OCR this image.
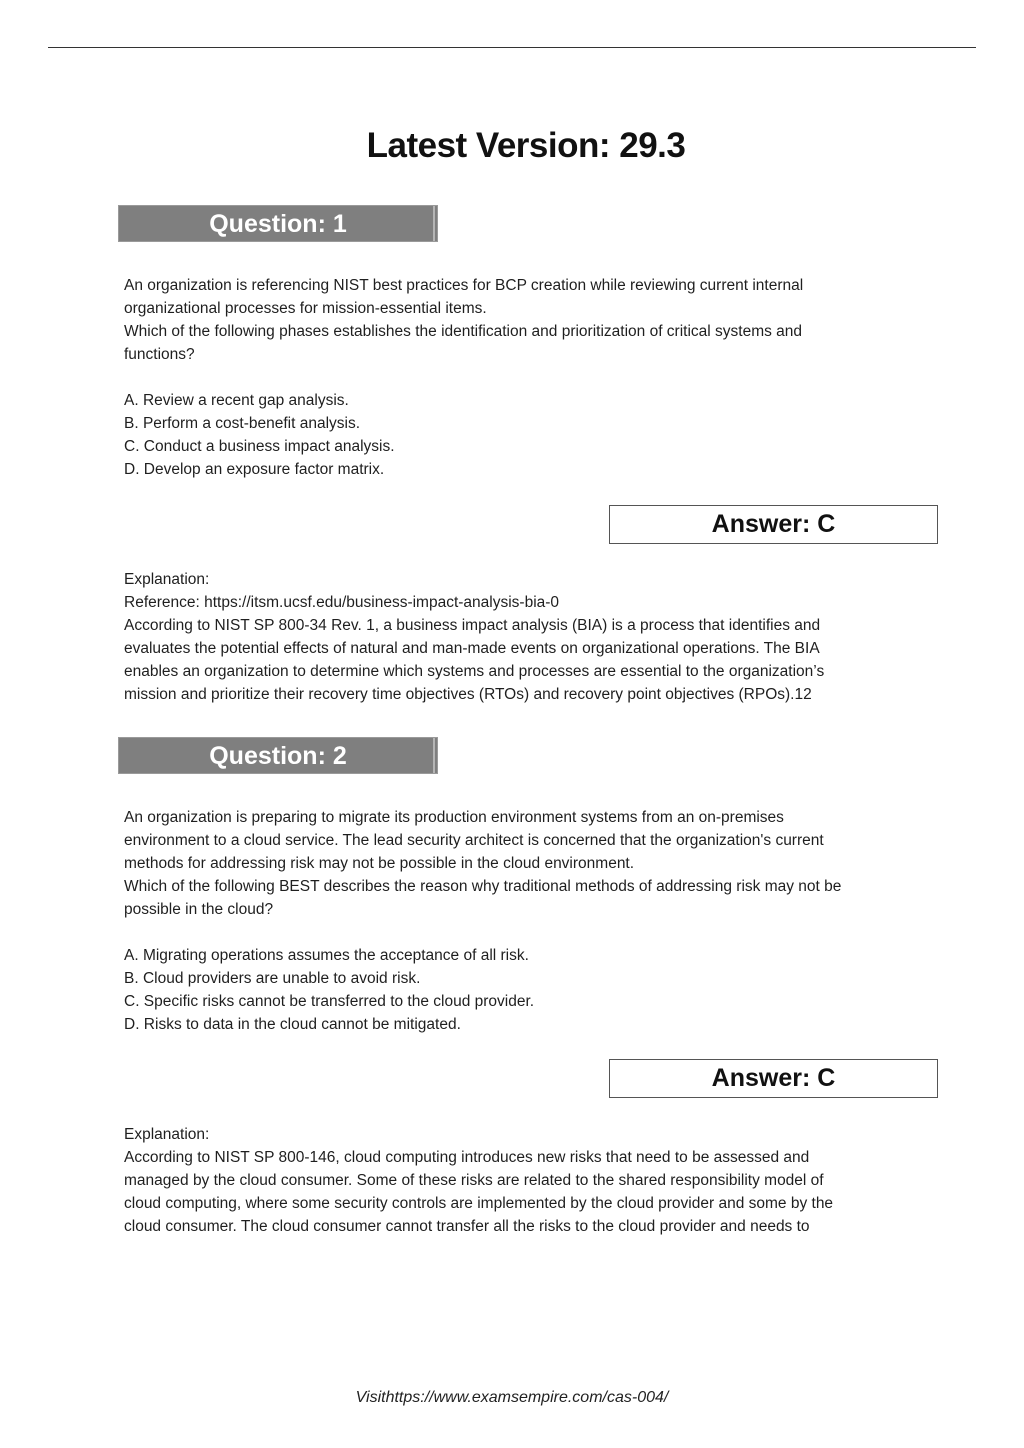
Latest Version: 29.3
Question: 1

An organization is referencing NIST best practices for BCP creation while reviewing current internal

organizational processes for mission-essential items.

Which of the following phases establishes the identification and prioritization of critical systems and

functions?

A. Review a recent gap analysis.

B. Perform a cost-benefit analysis.

C. Conduct a business impact analysis.

D. Develop an exposure factor matrix.

Answer: C

Explanation:

Reference: https://itsm.ucsf.edu/business-impact-analysis-bia-0

According to NIST SP 800-34 Rev. 1, a business impact analysis (BIA) is a process that identifies and

evaluates the potential effects of natural and man-made events on organizational operations. The BIA

enables an organization to determine which systems and processes are essential to the organization’s

mission and prioritize their recovery time objectives (RTOs) and recovery point objectives (RPOs).12

Question: 2

An organization is preparing to migrate its production environment systems from an on-premises

environment to a cloud service. The lead security architect is concerned that the organization's current

methods for addressing risk may not be possible in the cloud environment.

Which of the following BEST describes the reason why traditional methods of addressing risk may not be

possible in the cloud?

A. Migrating operations assumes the acceptance of all risk.

B. Cloud providers are unable to avoid risk.

C. Specific risks cannot be transferred to the cloud provider.

D. Risks to data in the cloud cannot be mitigated.

Answer: C

Explanation:

According to NIST SP 800-146, cloud computing introduces new risks that need to be assessed and

managed by the cloud consumer. Some of these risks are related to the shared responsibility model of

cloud computing, where some security controls are implemented by the cloud provider and some by the

cloud consumer. The cloud consumer cannot transfer all the risks to the cloud provider and needs to

Visithttps://www.examsempire.com/cas-004/
